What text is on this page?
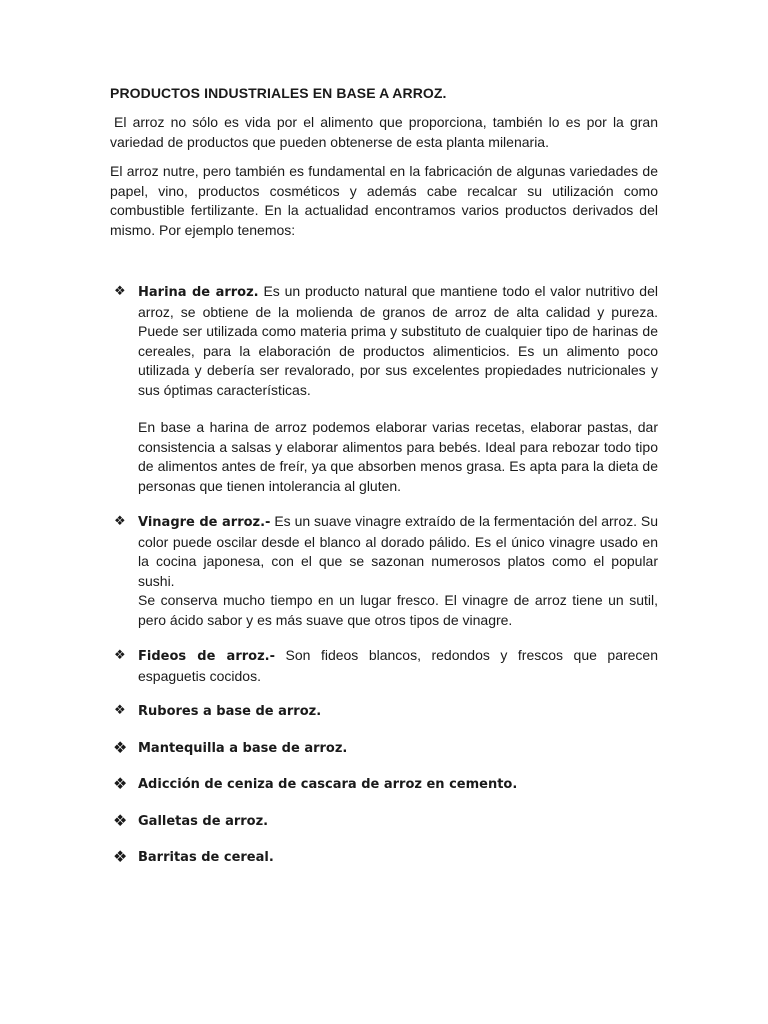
PRODUCTOS INDUSTRIALES EN BASE A ARROZ.

El arroz no sólo es vida por el alimento que proporciona, también lo es por la gran variedad de productos que pueden obtenerse de esta planta milenaria.

El arroz nutre, pero también es fundamental en la fabricación de algunas variedades de papel, vino, productos cosméticos y además cabe recalcar su utilización como combustible fertilizante. En la actualidad encontramos varios productos derivados del mismo. Por ejemplo tenemos:

❖ Harina de arroz. Es un producto natural que mantiene todo el valor nutritivo del arroz, se obtiene de la molienda de granos de arroz de alta calidad y pureza. Puede ser utilizada como materia prima y substituto de cualquier tipo de harinas de cereales, para la elaboración de productos alimenticios. Es un alimento poco utilizada y debería ser revalorado, por sus excelentes propiedades nutricionales y sus óptimas características.
En base a harina de arroz podemos elaborar varias recetas, elaborar pastas, dar consistencia a salsas y elaborar alimentos para bebés. Ideal para rebozar todo tipo de alimentos antes de freír, ya que absorben menos grasa. Es apta para la dieta de personas que tienen intolerancia al gluten.
❖ Vinagre de arroz.- Es un suave vinagre extraído de la fermentación del arroz. Su color puede oscilar desde el blanco al dorado pálido. Es el único vinagre usado en la cocina japonesa, con el que se sazonan numerosos platos como el popular sushi.
Se conserva mucho tiempo en un lugar fresco. El vinagre de arroz tiene un sutil, pero ácido sabor y es más suave que otros tipos de vinagre.
❖ Fideos de arroz.- Son fideos blancos, redondos y frescos que parecen espaguetis cocidos.
❖ Rubores a base de arroz.
❖ Mantequilla a base de arroz.
❖ Adicción de ceniza de cascara de arroz en cemento.
❖ Galletas de arroz.
❖ Barritas de cereal.
